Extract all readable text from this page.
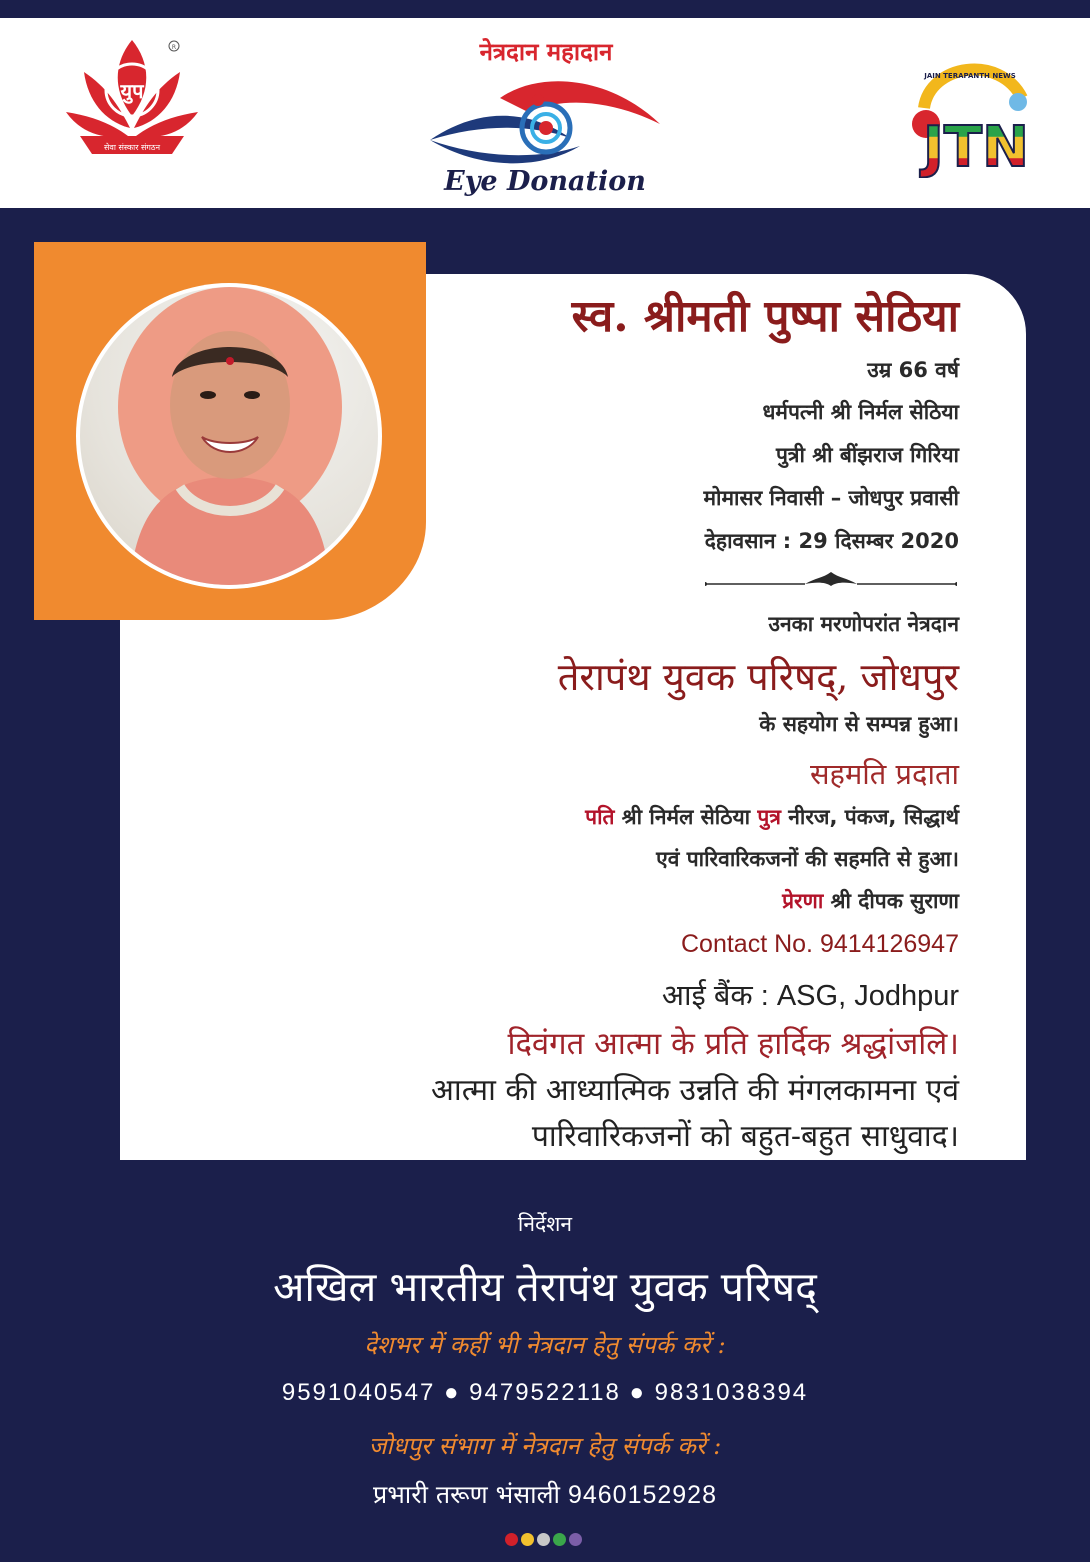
युप
सेवा संस्कार संगठन
R	नेत्रदान महादान
Eye Donation
JAIN TERAPANTH NEWS
JTN
स्व. श्रीमती पुष्पा सेठिया
उम्र 66 वर्ष
धर्मपत्नी श्री निर्मल सेठिया
पुत्री श्री बींझराज गिरिया
मोमासर निवासी – जोधपुर प्रवासी
देहावसान : 29 दिसम्बर 2020
उनका मरणोपरांत नेत्रदान
तेरापंथ युवक परिषद्, जोधपुर
के सहयोग से सम्पन्न हुआ।
सहमति प्रदाता
पति श्री निर्मल सेठिया पुत्र नीरज, पंकज, सिद्धार्थ
एवं पारिवारिकजनों की सहमति से हुआ।
प्रेरणा श्री दीपक सुराणा
Contact No. 9414126947
आई बैंक : ASG, Jodhpur
दिवंगत आत्मा के प्रति हार्दिक श्रद्धांजलि।
आत्मा की आध्यात्मिक उन्नति की मंगलकामना एवं
पारिवारिकजनों को बहुत-बहुत साधुवाद।
निर्देशन
अखिल भारतीय तेरापंथ युवक परिषद्
देशभर में कहीं भी नेत्रदान हेतु संपर्क करें :
9591040547 ● 9479522118 ● 9831038394
जोधपुर संभाग में नेत्रदान हेतु संपर्क करें :
प्रभारी तरूण भंसाली 9460152928
